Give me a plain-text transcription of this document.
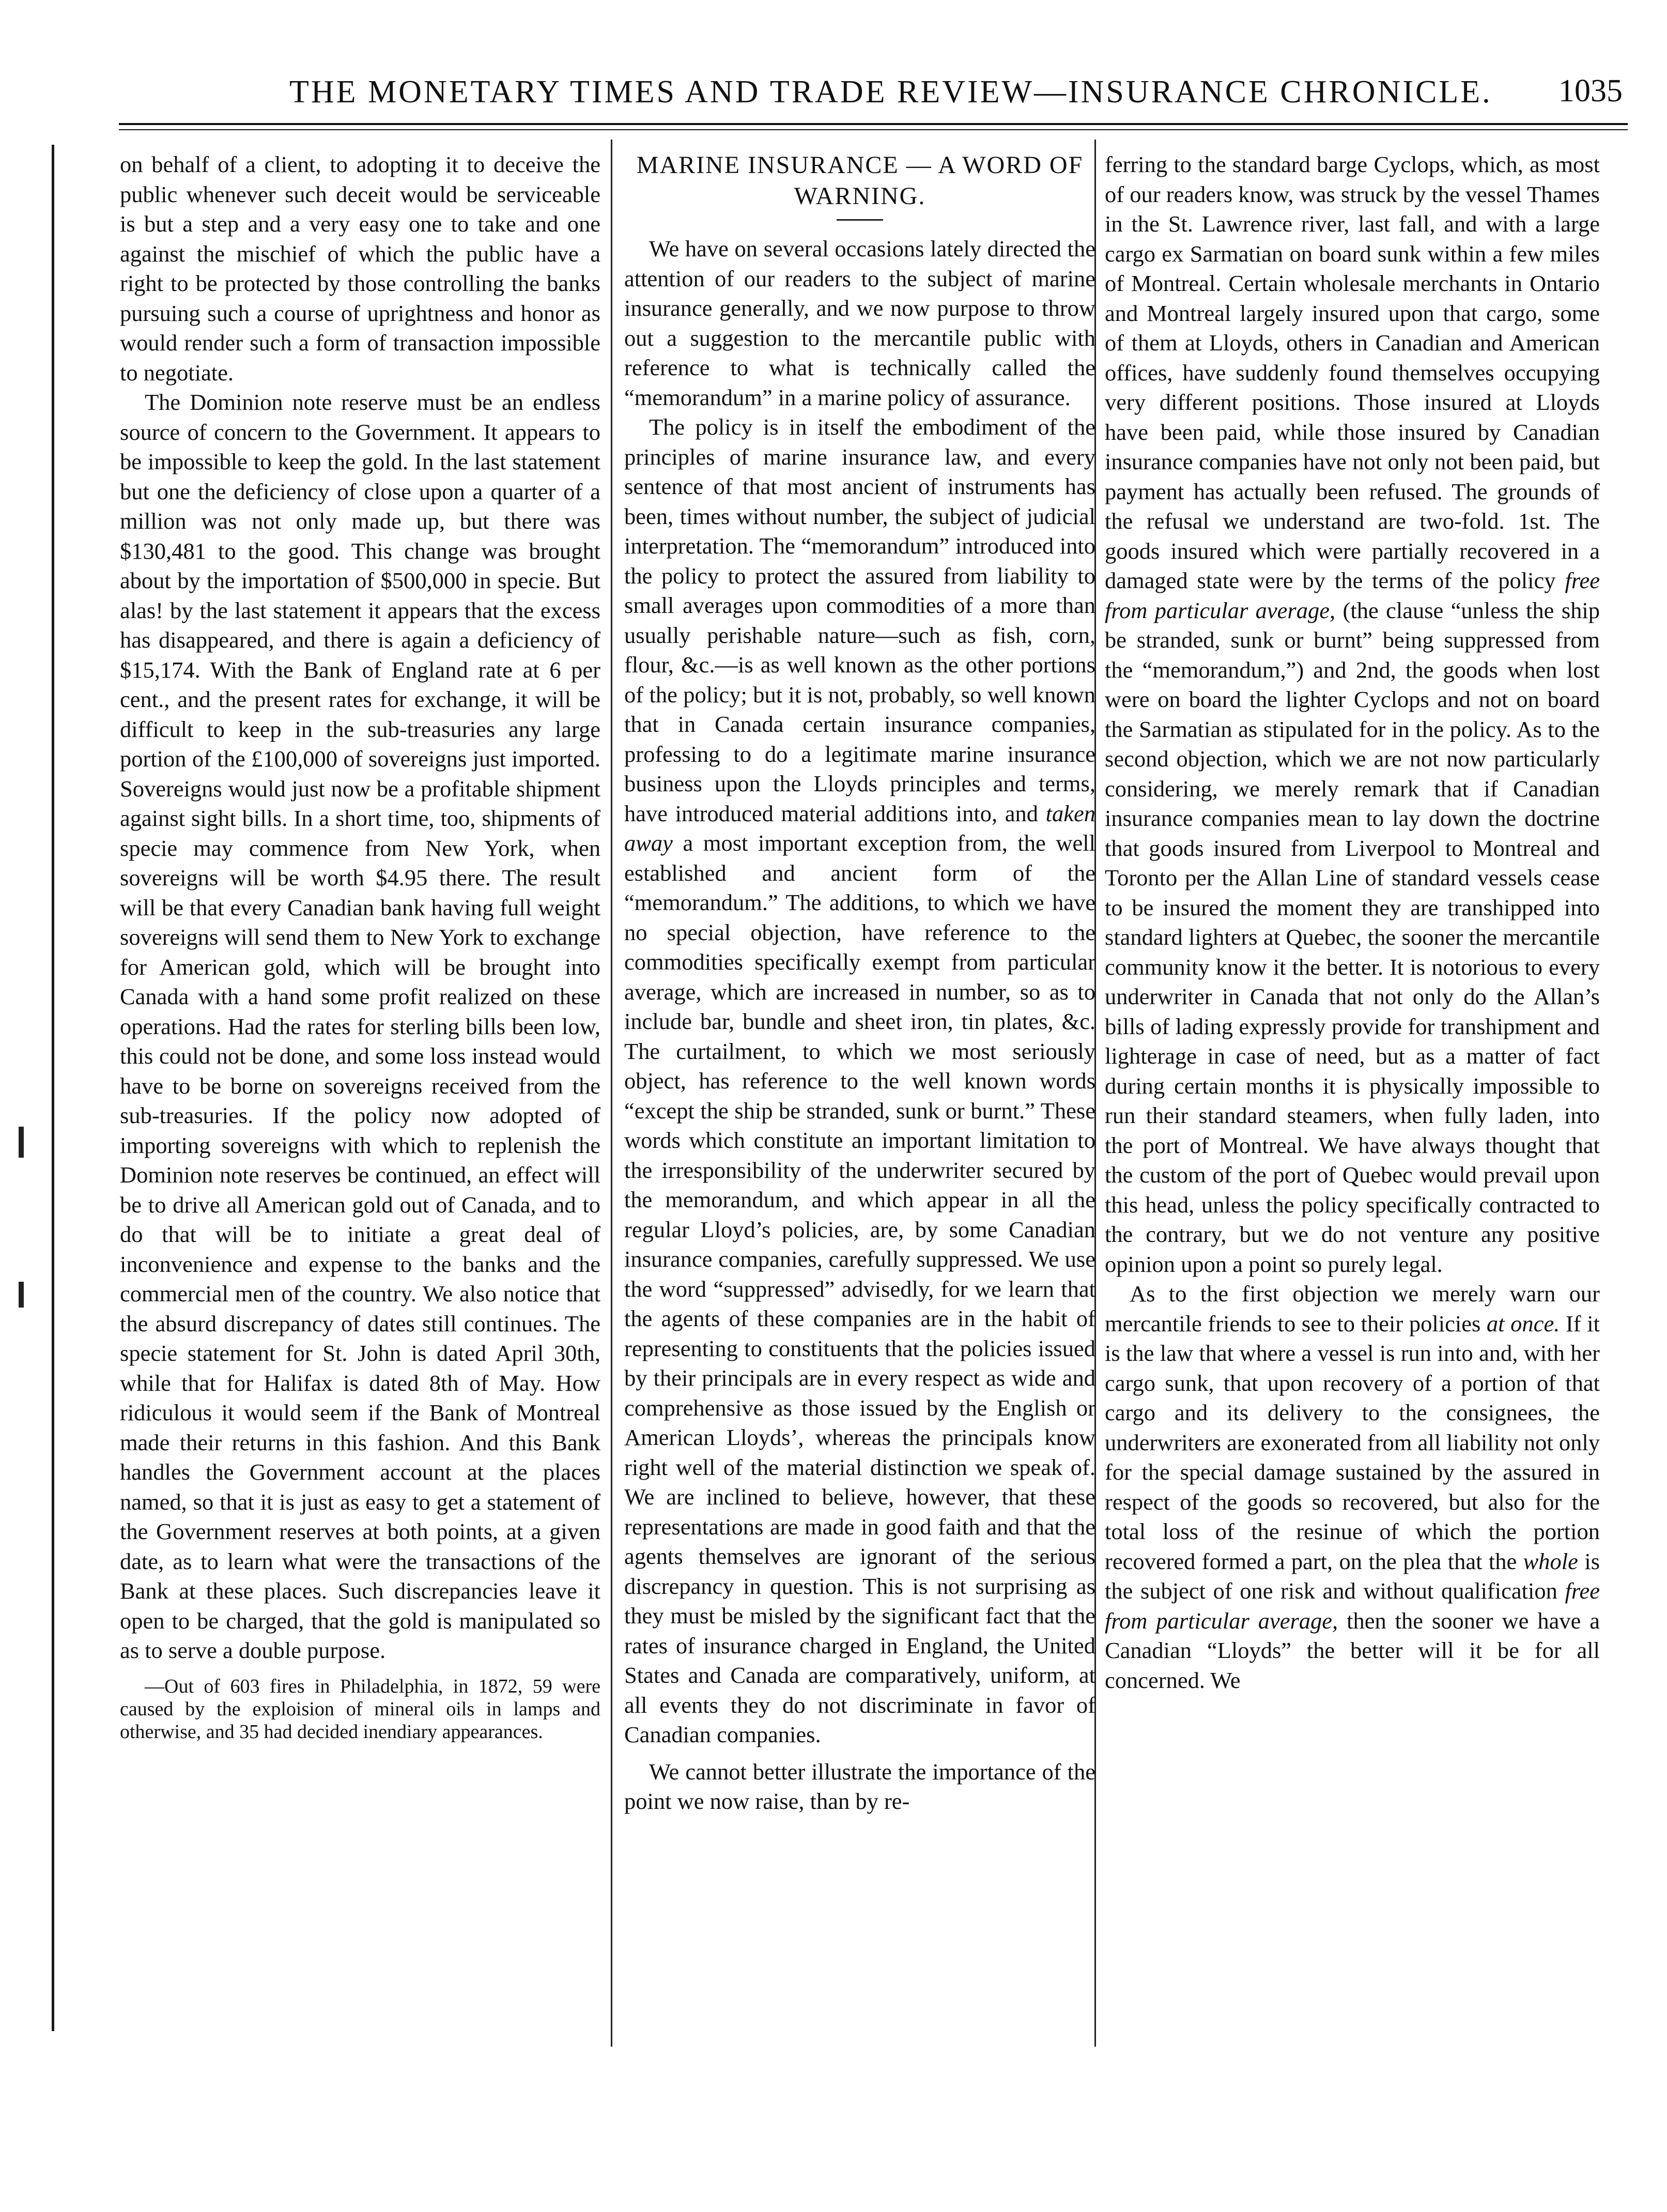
THE MONETARY TIMES AND TRADE REVIEW—INSURANCE CHRONICLE. 1035

on behalf of a client, to adopting it to deceive the public whenever such deceit would be serviceable is but a step and a very easy one to take and one against the mischief of which the public have a right to be protected by those controlling the banks pursuing such a course of uprightness and honor as would render such a form of transaction impossible to negotiate.

The Dominion note reserve must be an endless source of concern to the Government. It appears to be impossible to keep the gold. In the last statement but one the deficiency of close upon a quarter of a million was not only made up, but there was $130,481 to the good. This change was brought about by the importation of $500,000 in specie. But alas! by the last statement it appears that the excess has disappeared, and there is again a deficiency of $15,174. With the Bank of England rate at 6 per cent., and the present rates for exchange, it will be difficult to keep in the sub-treasuries any large portion of the £100,000 of sovereigns just imported. Sovereigns would just now be a profitable shipment against sight bills. In a short time, too, shipments of specie may commence from New York, when sovereigns will be worth $4.95 there. The result will be that every Canadian bank having full weight sovereigns will send them to New York to exchange for American gold, which will be brought into Canada with a hand some profit realized on these operations. Had the rates for sterling bills been low, this could not be done, and some loss instead would have to be borne on sovereigns received from the sub-treasuries. If the policy now adopted of importing sovereigns with which to replenish the Dominion note reserves be continued, an effect will be to drive all American gold out of Canada, and to do that will be to initiate a great deal of inconvenience and expense to the banks and the commercial men of the country. We also notice that the absurd discrepancy of dates still continues. The specie statement for St. John is dated April 30th, while that for Halifax is dated 8th of May. How ridiculous it would seem if the Bank of Montreal made their returns in this fashion. And this Bank handles the Government account at the places named, so that it is just as easy to get a statement of the Government reserves at both points, at a given date, as to learn what were the transactions of the Bank at these places. Such discrepancies leave it open to be charged, that the gold is manipulated so as to serve a double purpose.

—Out of 603 fires in Philadelphia, in 1872, 59 were caused by the exploision of mineral oils in lamps and otherwise, and 35 had decided inendiary appearances.

MARINE INSURANCE — A WORD OF WARNING.

We have on several occasions lately directed the attention of our readers to the subject of marine insurance generally, and we now purpose to throw out a suggestion to the mercantile public with reference to what is technically called the “memorandum” in a marine policy of assurance.

The policy is in itself the embodiment of the principles of marine insurance law, and every sentence of that most ancient of instruments has been, times without number, the subject of judicial interpretation. The “memorandum” introduced into the policy to protect the assured from liability to small averages upon commodities of a more than usually perishable nature—such as fish, corn, flour, &c.—is as well known as the other portions of the policy; but it is not, probably, so well known that in Canada certain insurance companies, professing to do a legitimate marine insurance business upon the Lloyds principles and terms, have introduced material additions into, and taken away a most important exception from, the well established and ancient form of the “memorandum.” The additions, to which we have no special objection, have reference to the commodities specifically exempt from particular average, which are increased in number, so as to include bar, bundle and sheet iron, tin plates, &c. The curtailment, to which we most seriously object, has reference to the well known words “except the ship be stranded, sunk or burnt.” These words which constitute an important limitation to the irresponsibility of the underwriter secured by the memorandum, and which appear in all the regular Lloyd’s policies, are, by some Canadian insurance companies, carefully suppressed. We use the word “suppressed” advisedly, for we learn that the agents of these companies are in the habit of representing to constituents that the policies issued by their principals are in every respect as wide and comprehensive as those issued by the English or American Lloyds’, whereas the principals know right well of the material distinction we speak of. We are inclined to believe, however, that these representations are made in good faith and that the agents themselves are ignorant of the serious discrepancy in question. This is not surprising as they must be misled by the significant fact that the rates of insurance charged in England, the United States and Canada are comparatively, uniform, at all events they do not discriminate in favor of Canadian companies.

We cannot better illustrate the importance of the point we now raise, than by re-

ferring to the standard barge Cyclops, which, as most of our readers know, was struck by the vessel Thames in the St. Lawrence river, last fall, and with a large cargo ex Sarmatian on board sunk within a few miles of Montreal. Certain wholesale merchants in Ontario and Montreal largely insured upon that cargo, some of them at Lloyds, others in Canadian and American offices, have suddenly found themselves occupying very different positions. Those insured at Lloyds have been paid, while those insured by Canadian insurance companies have not only not been paid, but payment has actually been refused. The grounds of the refusal we understand are two-fold. 1st. The goods insured which were partially recovered in a damaged state were by the terms of the policy free from particular average, (the clause “unless the ship be stranded, sunk or burnt” being suppressed from the “memorandum,”) and 2nd, the goods when lost were on board the lighter Cyclops and not on board the Sarmatian as stipulated for in the policy. As to the second objection, which we are not now particularly considering, we merely remark that if Canadian insurance companies mean to lay down the doctrine that goods insured from Liverpool to Montreal and Toronto per the Allan Line of standard vessels cease to be insured the moment they are transhipped into standard lighters at Quebec, the sooner the mercantile community know it the better. It is notorious to every underwriter in Canada that not only do the Allan’s bills of lading expressly provide for transhipment and lighterage in case of need, but as a matter of fact during certain months it is physically impossible to run their standard steamers, when fully laden, into the port of Montreal. We have always thought that the custom of the port of Quebec would prevail upon this head, unless the policy specifically contracted to the contrary, but we do not venture any positive opinion upon a point so purely legal.

As to the first objection we merely warn our mercantile friends to see to their policies at once. If it is the law that where a vessel is run into and, with her cargo sunk, that upon recovery of a portion of that cargo and its delivery to the consignees, the underwriters are exonerated from all liability not only for the special damage sustained by the assured in respect of the goods so recovered, but also for the total loss of the resinue of which the portion recovered formed a part, on the plea that the whole is the subject of one risk and without qualification free from particular average, then the sooner we have a Canadian “Lloyds” the better will it be for all concerned. We
